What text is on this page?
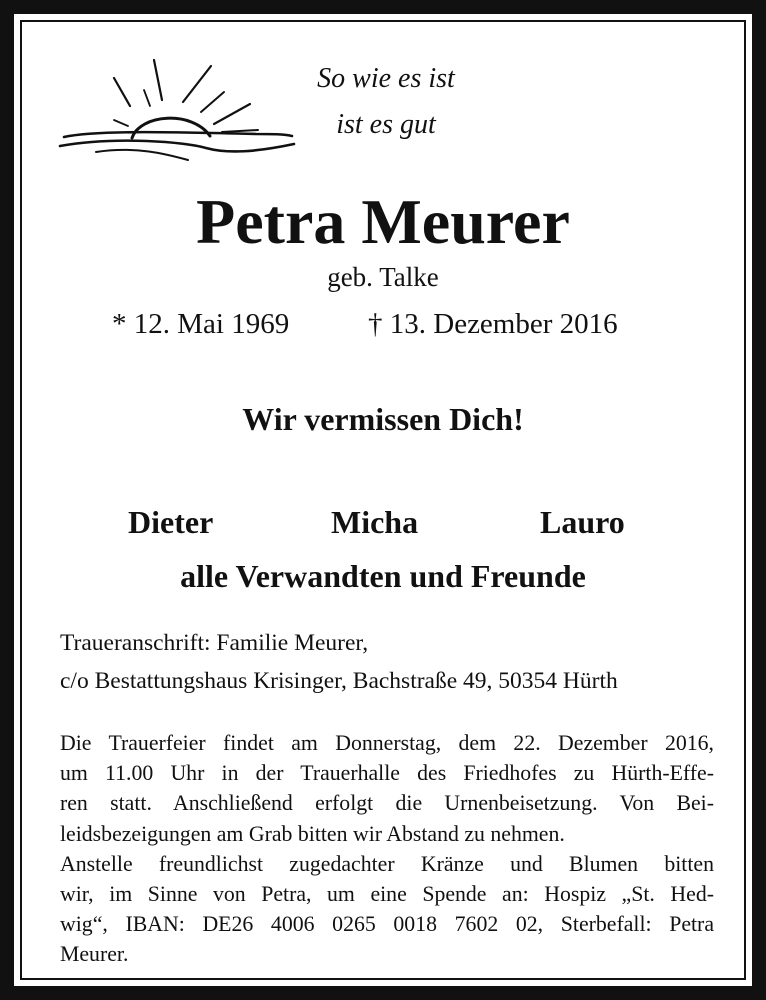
So wie es ist
ist es gut
Petra Meurer
geb. Talke
* 12. Mai 1969	† 13. Dezember 2016
Wir vermissen Dich!
Dieter	Micha	Lauro
alle Verwandten und Freunde
Traueranschrift: Familie Meurer,
c/o Bestattungshaus Krisinger, Bachstraße 49, 50354 Hürth
Die Trauerfeier findet am Donnerstag, dem 22. Dezember 2016,
um 11.00 Uhr in der Trauerhalle des Friedhofes zu Hürth-Effe-
ren statt. Anschließend erfolgt die Urnenbeisetzung. Von Bei-
leidsbezeigungen am Grab bitten wir Abstand zu nehmen.
Anstelle freundlichst zugedachter Kränze und Blumen bitten
wir, im Sinne von Petra, um eine Spende an: Hospiz „St. Hed-
wig“, IBAN: DE26 4006 0265 0018 7602 02, Sterbefall: Petra
Meurer.
